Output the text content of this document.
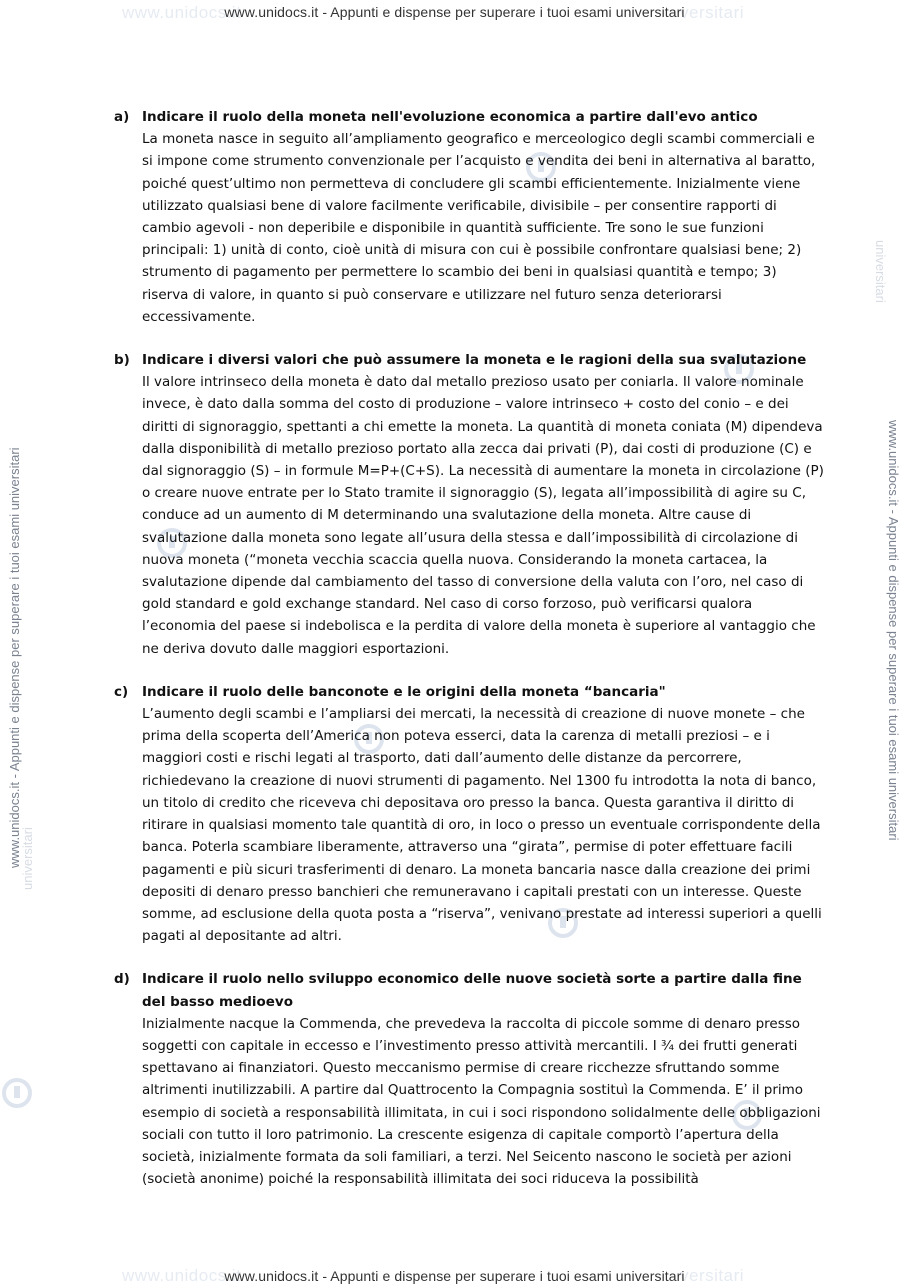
www.unidocs.it	versitari
www.unidocs.it	versitari
www.unidocs.it - Appunti e dispense per superare i tuoi esami universitari
www.unidocs.it - Appunti e dispense per superare i tuoi esami universitari
www.unidocs.it - Appunti e dispense per superare i tuoi esami universitari	www.unidocs.it - Appunti e dispense per superare i tuoi esami universitari
universitari
universitari
a) Indicare il ruolo della moneta nell'evoluzione economica a partire dall'evo antico
La moneta nasce in seguito all’ampliamento geografico e merceologico degli scambi commerciali e si impone come strumento convenzionale per l’acquisto e vendita dei beni in alternativa al baratto, poiché quest’ultimo non permetteva di concludere gli scambi efficientemente. Inizialmente viene utilizzato qualsiasi bene di valore facilmente verificabile, divisibile – per consentire rapporti di cambio agevoli - non deperibile e disponibile in quantità sufficiente. Tre sono le sue funzioni principali: 1) unità di conto, cioè unità di misura con cui è possibile confrontare qualsiasi bene; 2) strumento di pagamento per permettere lo scambio dei beni in qualsiasi quantità e tempo; 3) riserva di valore, in quanto si può conservare e utilizzare nel futuro senza deteriorarsi eccessivamente.
b) Indicare i diversi valori che può assumere la moneta e le ragioni della sua svalutazione
Il valore intrinseco della moneta è dato dal metallo prezioso usato per coniarla. Il valore nominale invece, è dato dalla somma del costo di produzione – valore intrinseco + costo del conio – e dei diritti di signoraggio, spettanti a chi emette la moneta. La quantità di moneta coniata (M) dipendeva dalla disponibilità di metallo prezioso portato alla zecca dai privati (P), dai costi di produzione (C) e dal signoraggio (S) – in formule M=P+(C+S). La necessità di aumentare la moneta in circolazione (P) o creare nuove entrate per lo Stato tramite il signoraggio (S), legata all’impossibilità di agire su C, conduce ad un aumento di M determinando una svalutazione della moneta. Altre cause di svalutazione dalla moneta sono legate all’usura della stessa e dall’impossibilità di circolazione di nuova moneta (“moneta vecchia scaccia quella nuova. Considerando la moneta cartacea, la svalutazione dipende dal cambiamento del tasso di conversione della valuta con l’oro, nel caso di gold standard e gold exchange standard. Nel caso di corso forzoso, può verificarsi qualora l’economia del paese si indebolisca e la perdita di valore della moneta è superiore al vantaggio che ne deriva dovuto dalle maggiori esportazioni.
c)	Indicare il ruolo delle banconote e le origini della moneta “bancaria"
L’aumento degli scambi e l’ampliarsi dei mercati, la necessità di creazione di nuove monete – che prima della scoperta dell’America non poteva esserci, data la carenza di metalli preziosi – e i maggiori costi e rischi legati al trasporto, dati dall’aumento delle distanze da percorrere, richiedevano la creazione di nuovi strumenti di pagamento. Nel 1300 fu introdotta la nota di banco, un titolo di credito che riceveva chi depositava oro presso la banca. Questa garantiva il diritto di ritirare in qualsiasi momento tale quantità di oro, in loco o presso un eventuale corrispondente della banca. Poterla scambiare liberamente, attraverso una “girata”, permise di poter effettuare facili pagamenti e più sicuri trasferimenti di denaro. La moneta bancaria nasce dalla creazione dei primi depositi di denaro presso banchieri che remuneravano i capitali prestati con un interesse. Queste somme, ad esclusione della quota posta a “riserva”, venivano prestate ad interessi superiori a quelli pagati al depositante ad altri.
d) Indicare il ruolo nello sviluppo economico delle nuove società sorte a partire dalla fine del basso medioevo
Inizialmente nacque la Commenda, che prevedeva la raccolta di piccole somme di denaro presso soggetti con capitale in eccesso e l’investimento presso attività mercantili. I ¾ dei frutti generati spettavano ai finanziatori. Questo meccanismo permise di creare ricchezze sfruttando somme altrimenti inutilizzabili. A partire dal Quattrocento la Compagnia sostituì la Commenda. E’ il primo esempio di società a responsabilità illimitata, in cui i soci rispondono solidalmente delle obbligazioni sociali con tutto il loro patrimonio. La crescente esigenza di capitale comportò l’apertura della società, inizialmente formata da soli familiari, a terzi. Nel Seicento nascono le società per azioni (società anonime) poiché la responsabilità illimitata dei soci riduceva la possibilità
